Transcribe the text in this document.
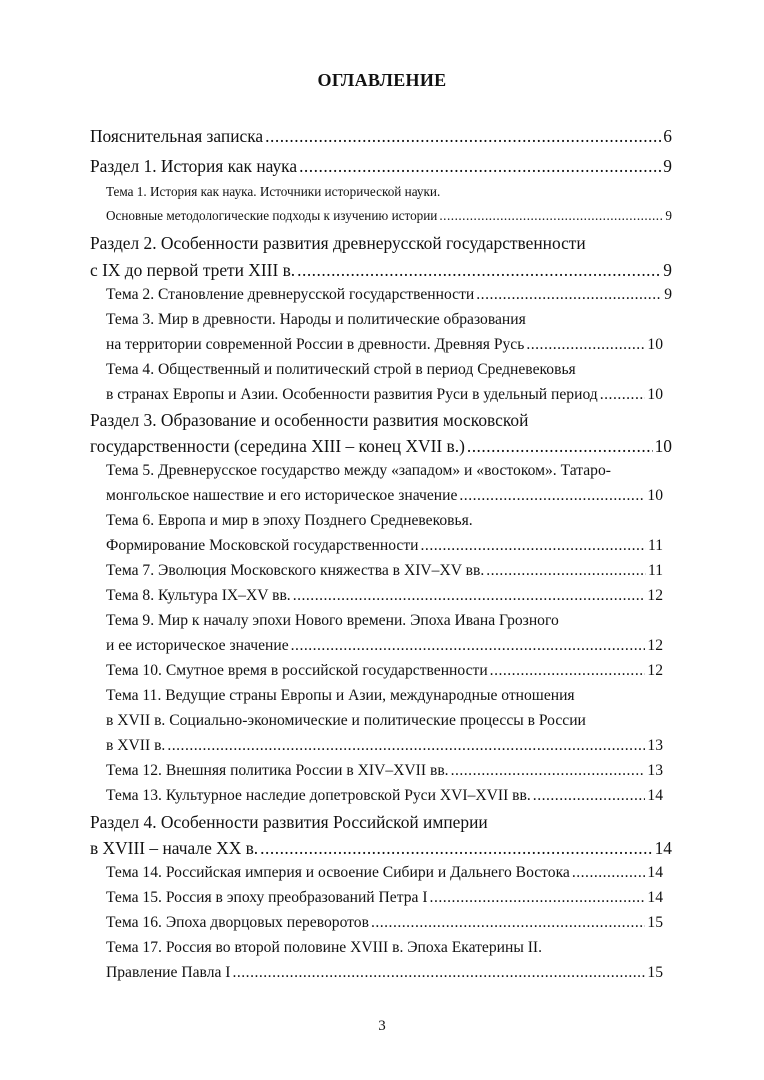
ОГЛАВЛЕНИЕ
Пояснительная записка .....	6
Раздел 1. История как наука .....	9
Тема 1. История как наука. Источники исторической науки.
Основные методологические подходы к изучению истории .....	9
Раздел 2. Особенности развития древнерусской государственности
с IX до первой трети XIII в. .....	9
Тема 2. Становление древнерусской государственности .....	9
Тема 3. Мир в древности. Народы и политические образования
на территории современной России в древности. Древняя Русь .....	10
Тема 4. Общественный и политический строй в период Средневековья
в странах Европы и Азии. Особенности развития Руси в удельный период .....	10
Раздел 3. Образование и особенности развития московской
государственности (середина XIII – конец XVII в.) .....	10
Тема 5. Древнерусское государство между «западом» и «востоком». Татаро-
монгольское нашествие и его историческое значение .....	10
Тема 6. Европа и мир в эпоху Позднего Средневековья.
Формирование Московской государственности .....	11
Тема 7. Эволюция Московского княжества в XIV–XV вв. .....	11
Тема 8. Культура IX–XV вв. .....	12
Тема 9. Мир к началу эпохи Нового времени. Эпоха Ивана Грозного
и ее историческое значение .....	12
Тема 10. Смутное время в российской государственности .....	12
Тема 11. Ведущие страны Европы и Азии, международные отношения
в XVII в. Социально-экономические и политические процессы в России
в XVII в. .....	13
Тема 12. Внешняя политика России в XIV–XVII вв. .....	13
Тема 13. Культурное наследие допетровской Руси XVI–XVII вв. .....	14
Раздел 4. Особенности развития Российской империи
в XVIII – начале XX в. .....	14
Тема 14. Российская империя и освоение Сибири и Дальнего Востока .....	14
Тема 15. Россия в эпоху преобразований Петра I .....	14
Тема 16. Эпоха дворцовых переворотов .....	15
Тема 17. Россия во второй половине XVIII в. Эпоха Екатерины II.
Правление Павла I .....	15
3
